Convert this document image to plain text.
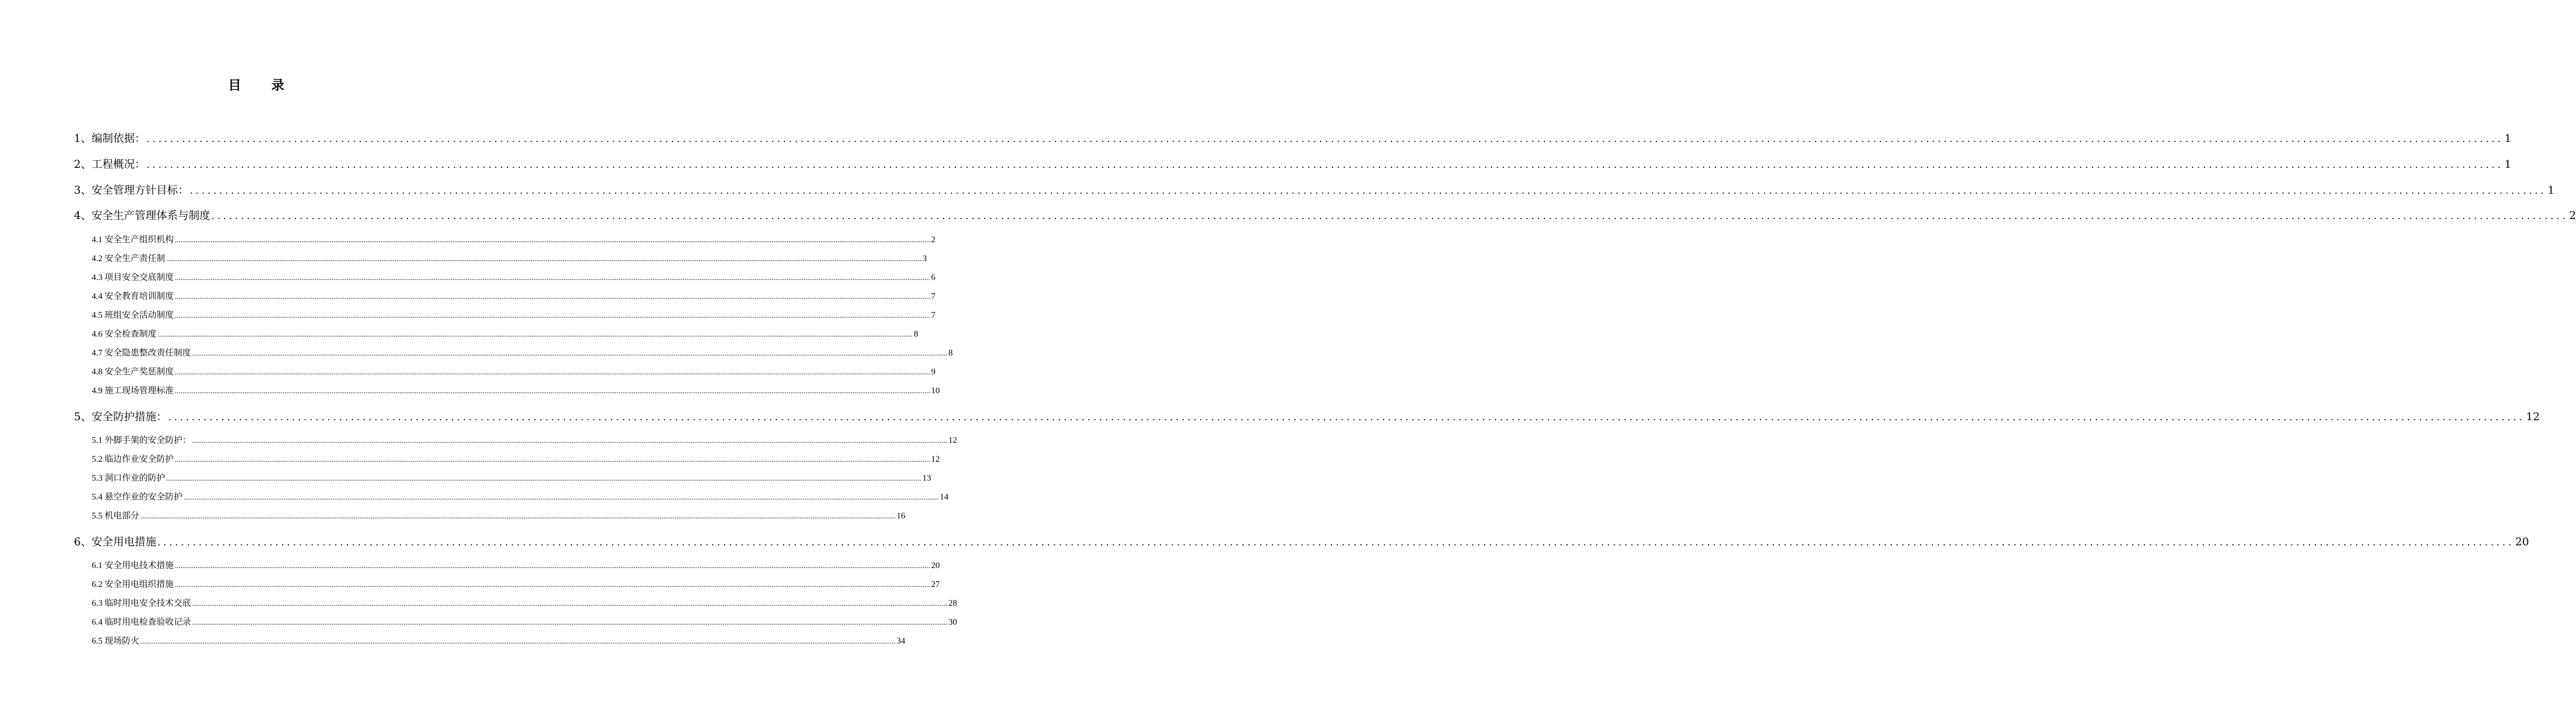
目 录
1、编制依据： ................................................................................................................................................................................................................................................................................................................................................................................................................ 1
2、工程概况： ................................................................................................................................................................................................................................................................................................................................................................................................................ 1
3、安全管理方针目标： ................................................................................................................................................................................................................................................................................................................................................................................................................ 1
4、安全生产管理体系与制度 ................................................................................................................................................................................................................................................................................................................................................................................................................ 2
4.1 安全生产组织机构 ................................................................................................................................................................................................................................................................................................................................................................................................................ 2
4.2 安全生产责任制 ................................................................................................................................................................................................................................................................................................................................................................................................................ 3
4.3 项目安全交底制度 ................................................................................................................................................................................................................................................................................................................................................................................................................ 6
4.4 安全教育培训制度 ................................................................................................................................................................................................................................................................................................................................................................................................................ 7
4.5 班组安全活动制度 ................................................................................................................................................................................................................................................................................................................................................................................................................ 7
4.6 安全检查制度 ................................................................................................................................................................................................................................................................................................................................................................................................................ 8
4.7 安全隐患整改责任制度 ................................................................................................................................................................................................................................................................................................................................................................................................................ 8
4.8 安全生产奖惩制度 ................................................................................................................................................................................................................................................................................................................................................................................................................ 9
4.9 施工现场管理标准 ................................................................................................................................................................................................................................................................................................................................................................................................................ 10
5、安全防护措施： ................................................................................................................................................................................................................................................................................................................................................................................................................ 12
5.1 外脚手架的安全防护： ................................................................................................................................................................................................................................................................................................................................................................................................................ 12
5.2 临边作业安全防护 ................................................................................................................................................................................................................................................................................................................................................................................................................ 12
5.3 洞口作业的防护 ................................................................................................................................................................................................................................................................................................................................................................................................................ 13
5.4 悬空作业的安全防护 ................................................................................................................................................................................................................................................................................................................................................................................................................ 14
5.5 机电部分 ................................................................................................................................................................................................................................................................................................................................................................................................................ 16
6、安全用电措施 ................................................................................................................................................................................................................................................................................................................................................................................................................ 20
6.1 安全用电技术措施 ................................................................................................................................................................................................................................................................................................................................................................................................................ 20
6.2 安全用电组织措施 ................................................................................................................................................................................................................................................................................................................................................................................................................ 27
6.3 临时用电安全技术交底 ................................................................................................................................................................................................................................................................................................................................................................................................................ 28
6.4 临时用电检查验收记录 ................................................................................................................................................................................................................................................................................................................................................................................................................ 30
6.5 现场防火 ................................................................................................................................................................................................................................................................................................................................................................................................................ 34
